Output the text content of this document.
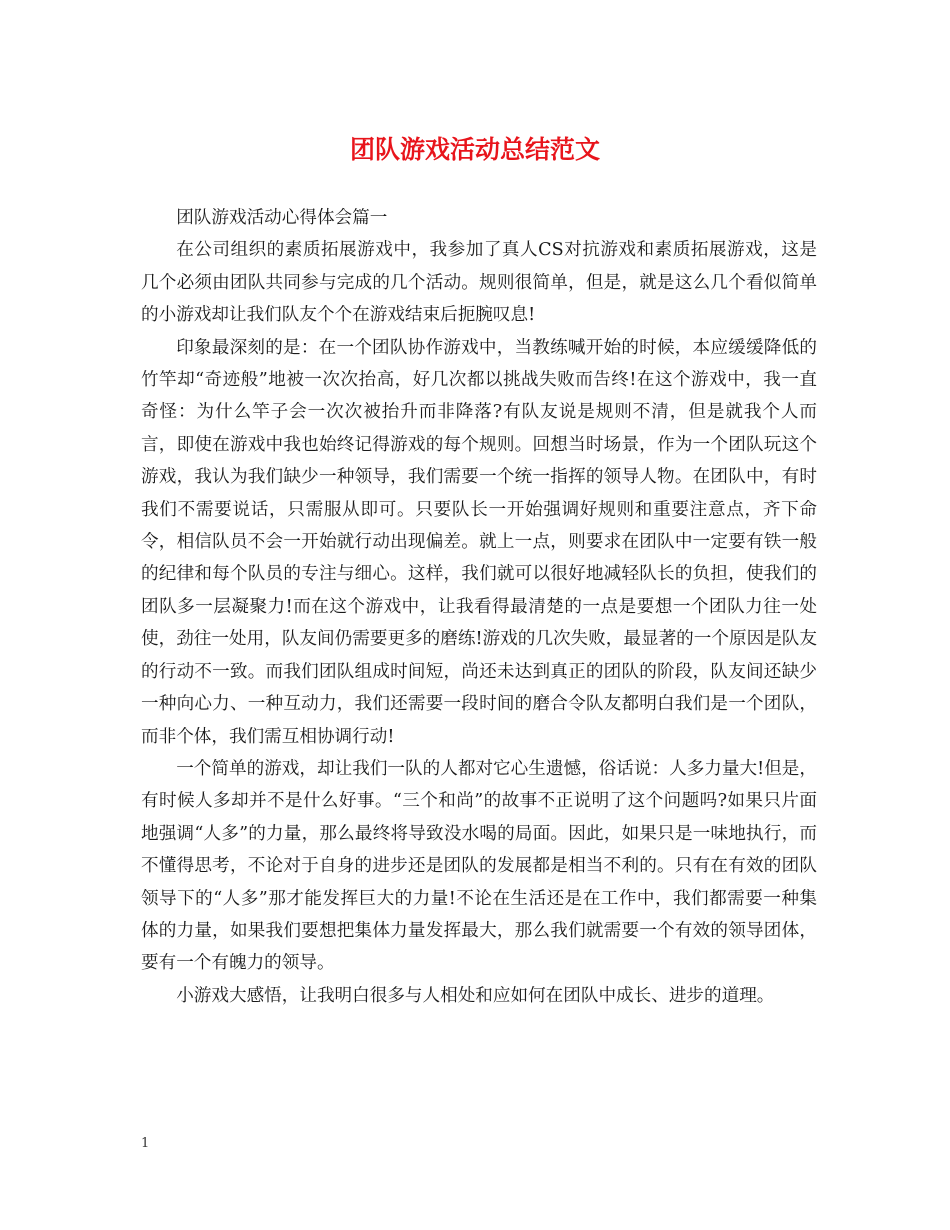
团队游戏活动总结范文

团队游戏活动心得体会篇一

在公司组织的素质拓展游戏中，我参加了真人CS对抗游戏和素质拓展游戏，这是几个必须由团队共同参与完成的几个活动。规则很简单，但是，就是这么几个看似简单的小游戏却让我们队友个个在游戏结束后扼腕叹息!

印象最深刻的是：在一个团队协作游戏中，当教练喊开始的时候，本应缓缓降低的竹竿却“奇迹般”地被一次次抬高，好几次都以挑战失败而告终!在这个游戏中，我一直奇怪：为什么竿子会一次次被抬升而非降落?有队友说是规则不清，但是就我个人而言，即使在游戏中我也始终记得游戏的每个规则。回想当时场景，作为一个团队玩这个游戏，我认为我们缺少一种领导，我们需要一个统一指挥的领导人物。在团队中，有时我们不需要说话，只需服从即可。只要队长一开始强调好规则和重要注意点，齐下命令，相信队员不会一开始就行动出现偏差。就上一点，则要求在团队中一定要有铁一般的纪律和每个队员的专注与细心。这样，我们就可以很好地减轻队长的负担，使我们的团队多一层凝聚力!而在这个游戏中，让我看得最清楚的一点是要想一个团队力往一处使，劲往一处用，队友间仍需要更多的磨练!游戏的几次失败，最显著的一个原因是队友的行动不一致。而我们团队组成时间短，尚还未达到真正的团队的阶段，队友间还缺少一种向心力、一种互动力，我们还需要一段时间的磨合令队友都明白我们是一个团队，而非个体，我们需互相协调行动!

一个简单的游戏，却让我们一队的人都对它心生遗憾，俗话说：人多力量大!但是，有时候人多却并不是什么好事。“三个和尚”的故事不正说明了这个问题吗?如果只片面地强调“人多”的力量，那么最终将导致没水喝的局面。因此，如果只是一味地执行，而不懂得思考，不论对于自身的进步还是团队的发展都是相当不利的。只有在有效的团队领导下的“人多”那才能发挥巨大的力量!不论在生活还是在工作中，我们都需要一种集体的力量，如果我们要想把集体力量发挥最大，那么我们就需要一个有效的领导团体，要有一个有魄力的领导。

小游戏大感悟，让我明白很多与人相处和应如何在团队中成长、进步的道理。

1
